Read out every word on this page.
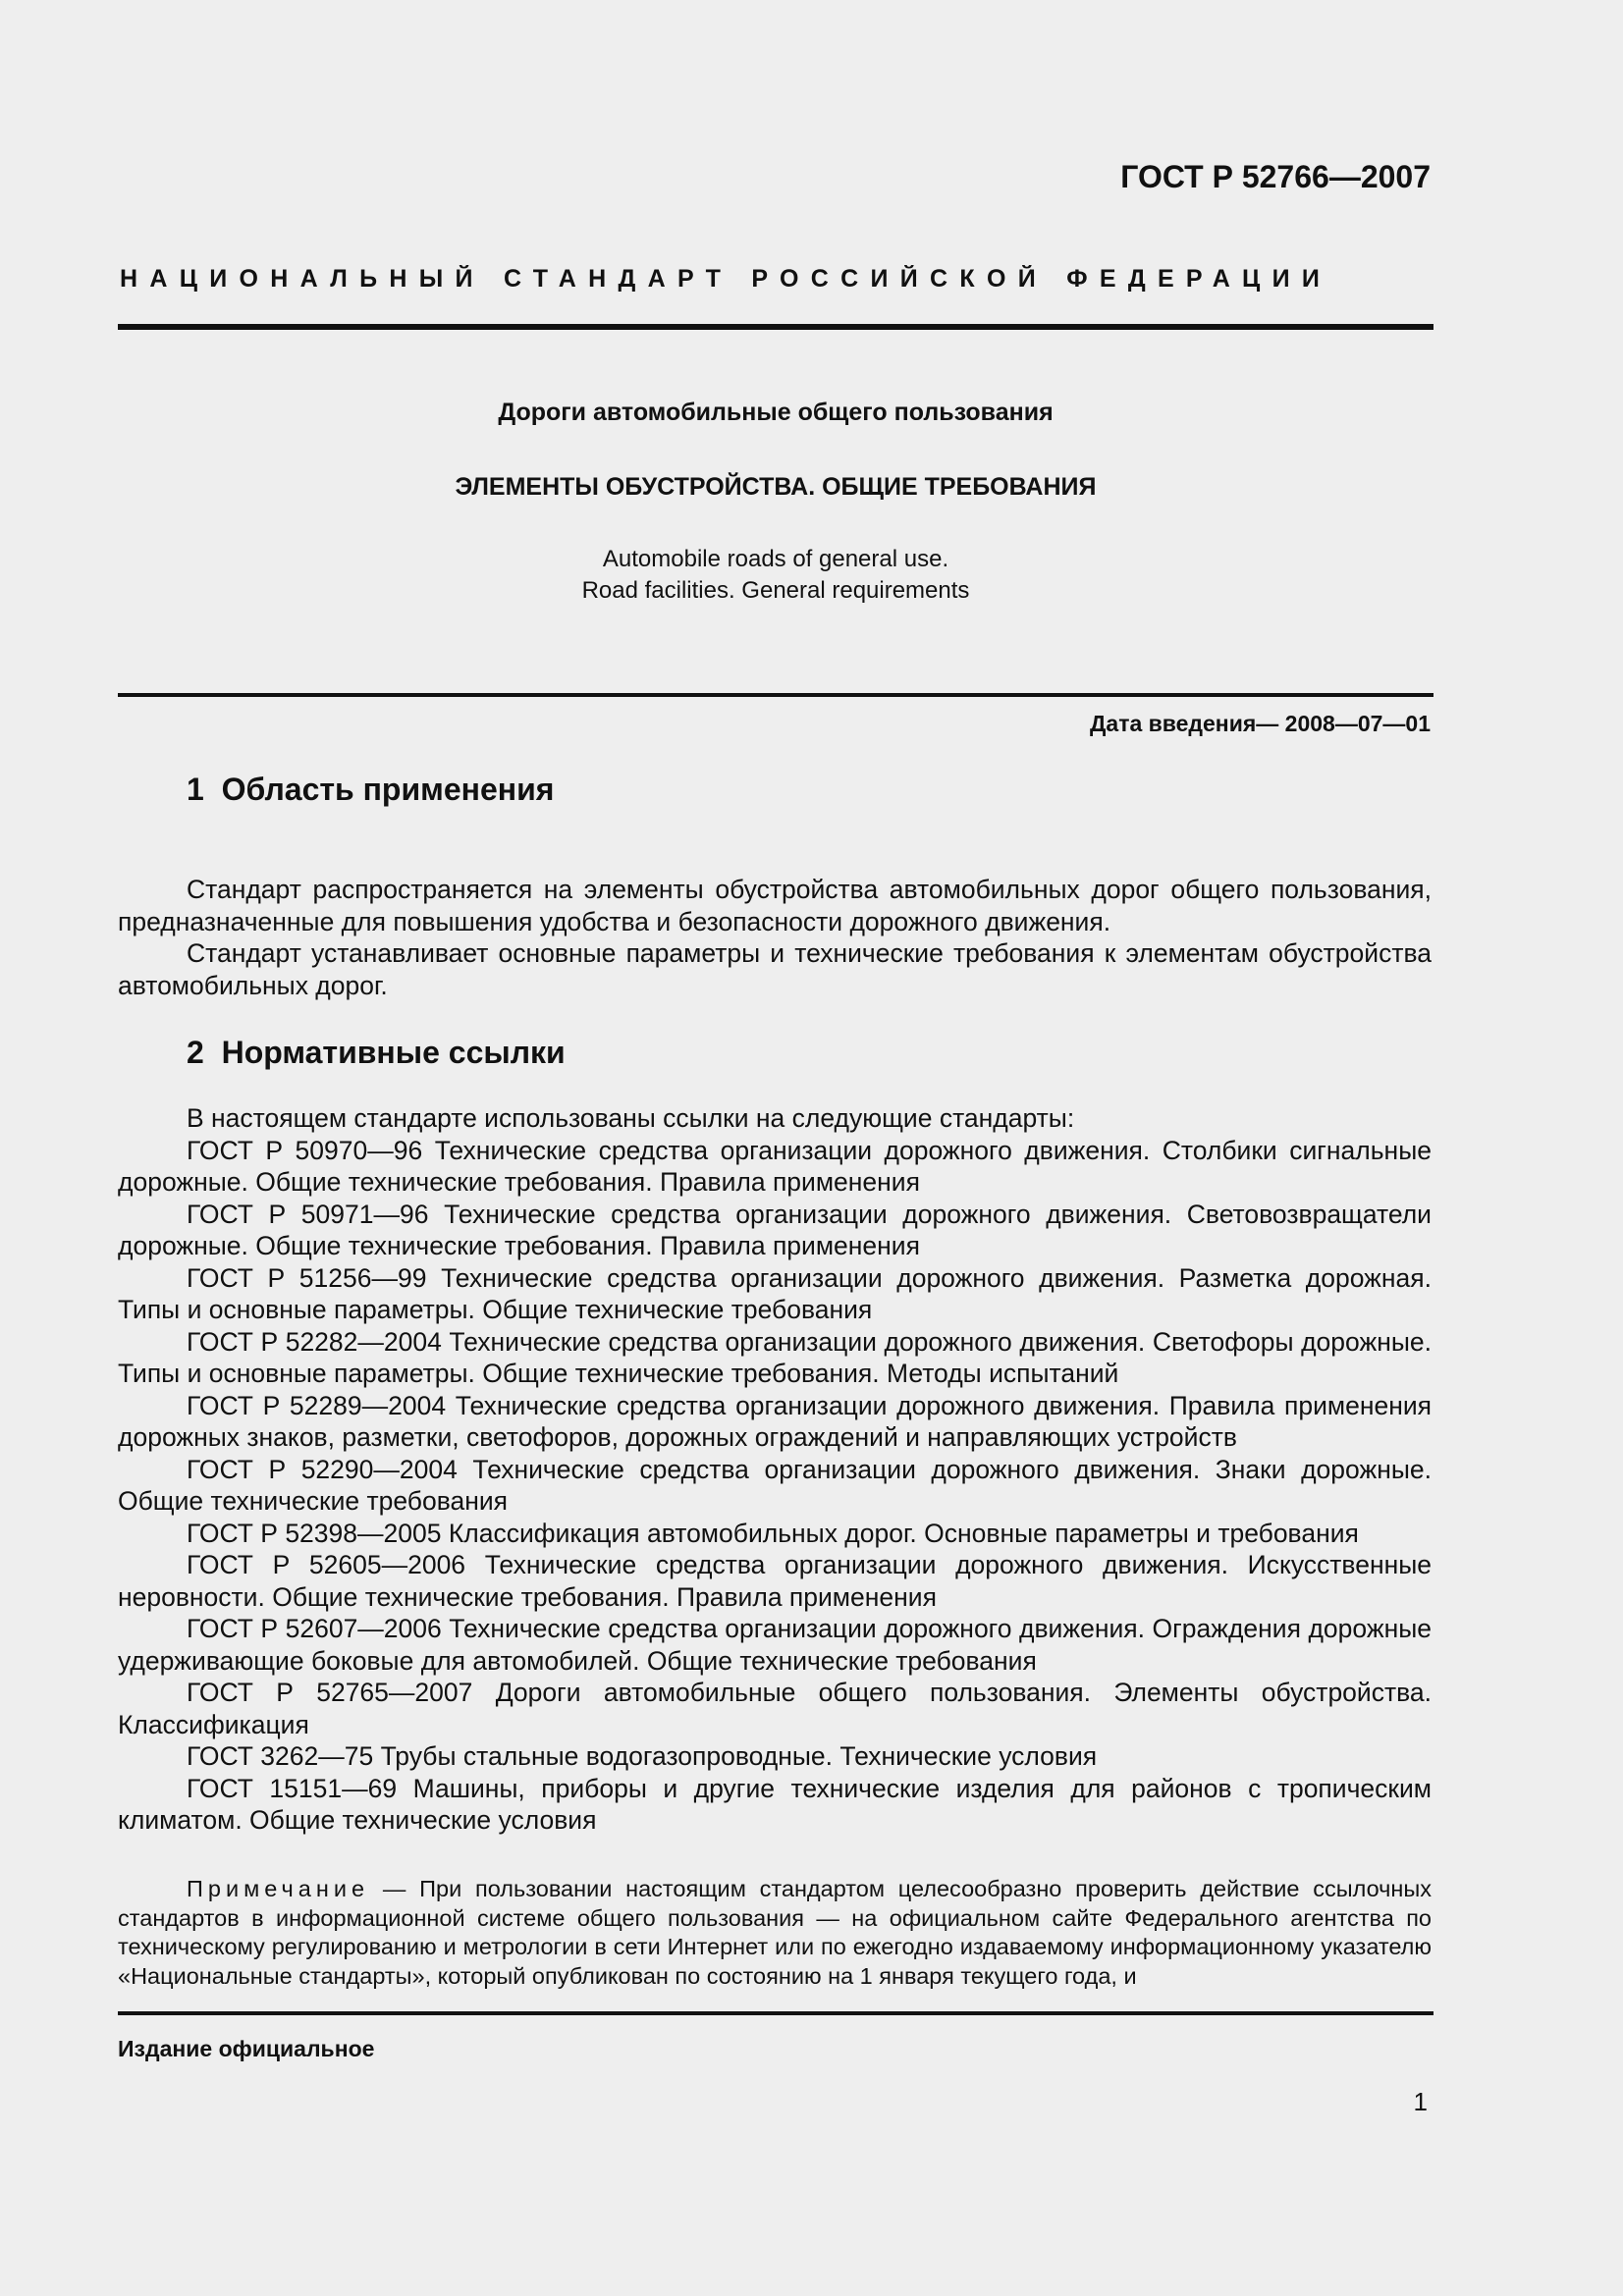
ГОСТ Р 52766—2007
НАЦИОНАЛЬНЫЙ СТАНДАРТ РОССИЙСКОЙ ФЕДЕРАЦИИ
Дороги автомобильные общего пользования
ЭЛЕМЕНТЫ ОБУСТРОЙСТВА. ОБЩИЕ ТРЕБОВАНИЯ
Automobile roads of general use.
Road facilities. General requirements
Дата введения— 2008—07—01
1  Область применения

Стандарт распространяется на элементы обустройства автомобильных дорог общего пользования, предназначенные для повышения удобства и безопасности дорожного движения.

Стандарт устанавливает основные параметры и технические требования к элементам обустройства автомобильных дорог.

2  Нормативные ссылки

В настоящем стандарте использованы ссылки на следующие стандарты:

ГОСТ Р 50970—96 Технические средства организации дорожного движения. Столбики сигнальные дорожные. Общие технические требования. Правила применения

ГОСТ Р 50971—96 Технические средства организации дорожного движения. Световозвращатели дорожные. Общие технические требования. Правила применения

ГОСТ Р 51256—99 Технические средства организации дорожного движения. Разметка дорожная. Типы и основные параметры. Общие технические требования

ГОСТ Р 52282—2004 Технические средства организации дорожного движения. Светофоры дорожные. Типы и основные параметры. Общие технические требования. Методы испытаний

ГОСТ Р 52289—2004 Технические средства организации дорожного движения. Правила применения дорожных знаков, разметки, светофоров, дорожных ограждений и направляющих устройств

ГОСТ Р 52290—2004 Технические средства организации дорожного движения. Знаки дорожные. Общие технические требования

ГОСТ Р 52398—2005 Классификация автомобильных дорог. Основные параметры и требования

ГОСТ Р 52605—2006 Технические средства организации дорожного движения. Искусственные неровности. Общие технические требования. Правила применения

ГОСТ Р 52607—2006 Технические средства организации дорожного движения. Ограждения дорожные удерживающие боковые для автомобилей. Общие технические требования

ГОСТ Р 52765—2007 Дороги автомобильные общего пользования. Элементы обустройства. Классификация

ГОСТ 3262—75 Трубы стальные водогазопроводные. Технические условия

ГОСТ 15151—69 Машины, приборы и другие технические изделия для районов с тропическим климатом. Общие технические условия

Примечание — При пользовании настоящим стандартом целесообразно проверить действие ссылочных стандартов в информационной системе общего пользования — на официальном сайте Федерального агентства по техническому регулированию и метрологии в сети Интернет или по ежегодно издаваемому информационному указателю «Национальные стандарты», который опубликован по состоянию на 1 января текущего года, и

Издание официальное
1
